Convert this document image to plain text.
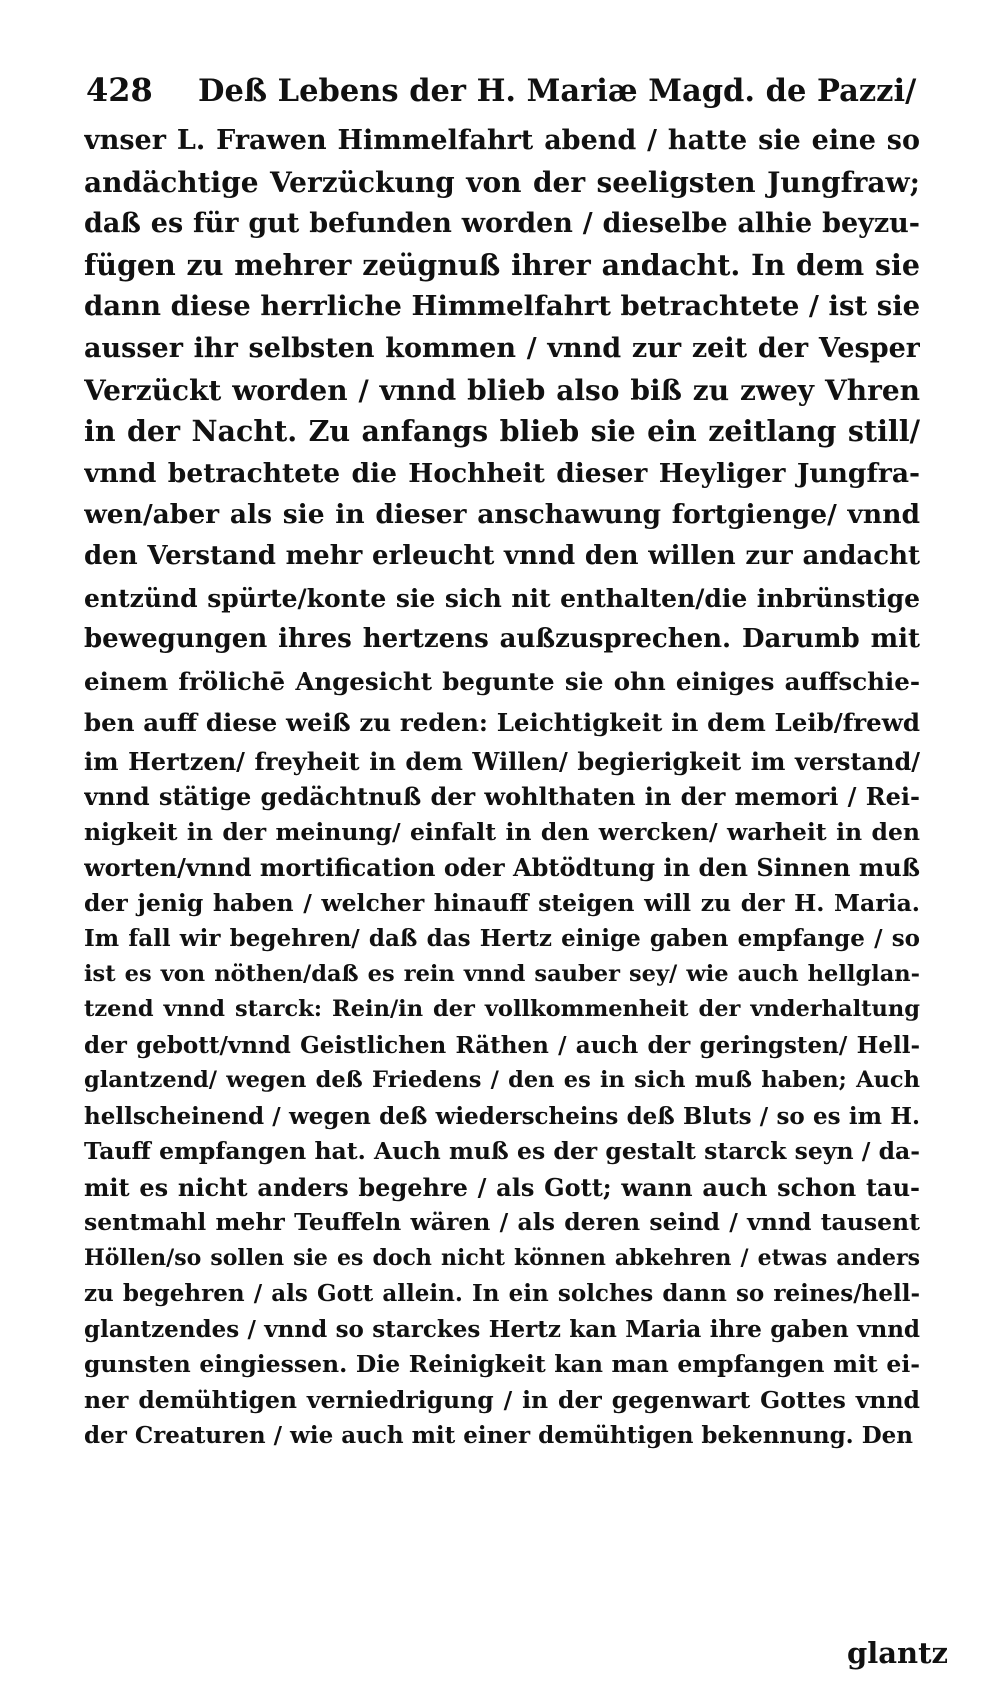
428 Deß Lebens der H. Mariæ Magd. de Pazzi/
vnser L. Frawen Himmelfahrt abend / hatte sie eine so
andächtige Verzückung von der seeligsten Jungfraw;
daß es für gut befunden worden / dieselbe alhie beyzu-
fügen zu mehrer zeügnuß ihrer andacht. In dem sie
dann diese herrliche Himmelfahrt betrachtete / ist sie
ausser ihr selbsten kommen / vnnd zur zeit der Vesper
Verzückt worden / vnnd blieb also biß zu zwey Vhren
in der Nacht. Zu anfangs blieb sie ein zeitlang still/
vnnd betrachtete die Hochheit dieser Heyliger Jungfra-
wen/aber als sie in dieser anschawung fortgienge/ vnnd
den Verstand mehr erleucht vnnd den willen zur andacht
entzünd spürte/konte sie sich nit enthalten/die inbrünstige
bewegungen ihres hertzens außzusprechen. Darumb mit
einem frölichē Angesicht begunte sie ohn einiges auffschie-
ben auff diese weiß zu reden: Leichtigkeit in dem Leib/frewd
im Hertzen/ freyheit in dem Willen/ begierigkeit im verstand/
vnnd stätige gedächtnuß der wohlthaten in der memori / Rei-
nigkeit in der meinung/ einfalt in den wercken/ warheit in den
worten/vnnd mortification oder Abtödtung in den Sinnen muß
der jenig haben / welcher hinauff steigen will zu der H. Maria.
Im fall wir begehren/ daß das Hertz einige gaben empfange / so
ist es von nöthen/daß es rein vnnd sauber sey/ wie auch hellglan-
tzend vnnd starck: Rein/in der vollkommenheit der vnderhaltung
der gebott/vnnd Geistlichen Räthen / auch der geringsten/ Hell-
glantzend/ wegen deß Friedens / den es in sich muß haben; Auch
hellscheinend / wegen deß wiederscheins deß Bluts / so es im H.
Tauff empfangen hat. Auch muß es der gestalt starck seyn / da-
mit es nicht anders begehre / als Gott; wann auch schon tau-
sentmahl mehr Teuffeln wären / als deren seind / vnnd tausent
Höllen/so sollen sie es doch nicht können abkehren / etwas anders
zu begehren / als Gott allein. In ein solches dann so reines/hell-
glantzendes / vnnd so starckes Hertz kan Maria ihre gaben vnnd
gunsten eingiessen. Die Reinigkeit kan man empfangen mit ei-
ner demühtigen verniedrigung / in der gegenwart Gottes vnnd
der Creaturen / wie auch mit einer demühtigen bekennung. Den
glantz
